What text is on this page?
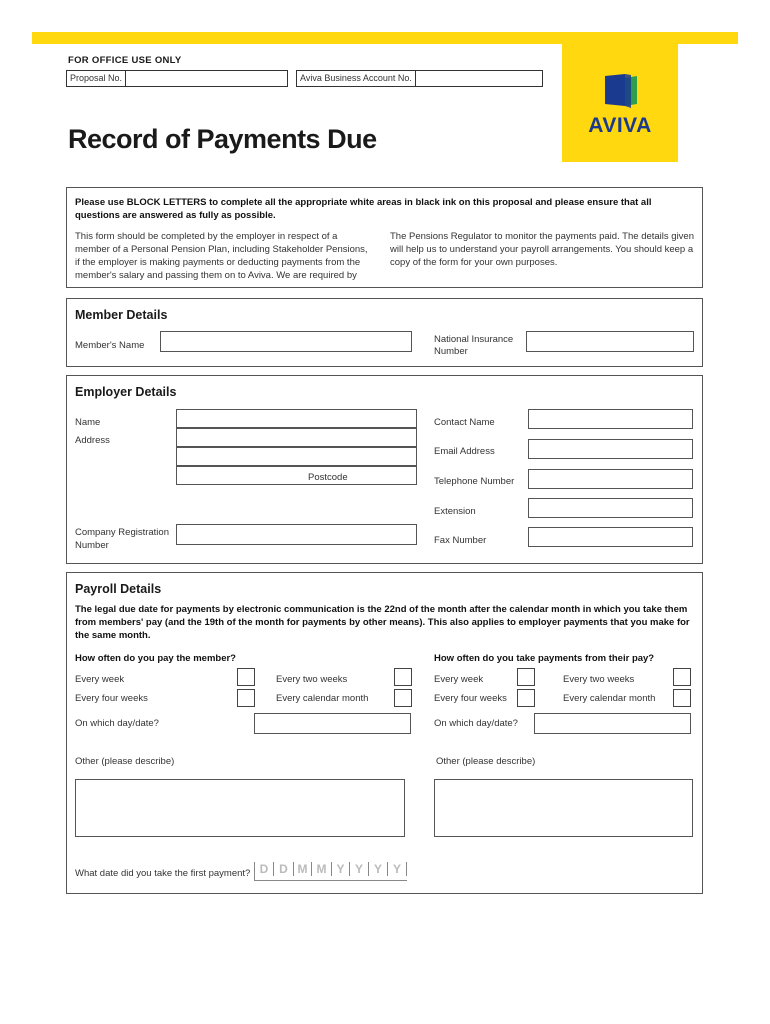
AVIVA
FOR OFFICE USE ONLY
Proposal No.	Aviva Business Account No.
Record of Payments Due
Please use BLOCK LETTERS to complete all the appropriate white areas in black ink on this proposal and please ensure that all questions are answered as fully as possible.
This form should be completed by the employer in respect of a
member of a Personal Pension Plan, including Stakeholder Pensions,
if the employer is making payments or deducting payments from the
member's salary and passing them on to Aviva. We are required by
The Pensions Regulator to monitor the payments paid. The details given
will help us to understand your payroll arrangements. You should keep a
copy of the form for your own purposes.
Member Details
Member's Name
National Insurance
Number
Employer Details
Name
Address
Postcode
Company Registration
Number
Contact Name
Email Address
Telephone Number
Extension
Fax Number
Payroll Details
The legal due date for payments by electronic communication is the 22nd of the month after the calendar month in which you take them from members' pay (and the 19th of the month for payments by other means). This also applies to employer payments that you make for the same month.
How often do you pay the member?	How often do you take payments from their pay?
Every week	Every two weeks
Every four weeks	Every calendar month
Every week	Every two weeks
Every four weeks	Every calendar month
On which day/date?	On which day/date?
Other (please describe)	Other (please describe)
What date did you take the first payment? D D M M Y Y Y Y
